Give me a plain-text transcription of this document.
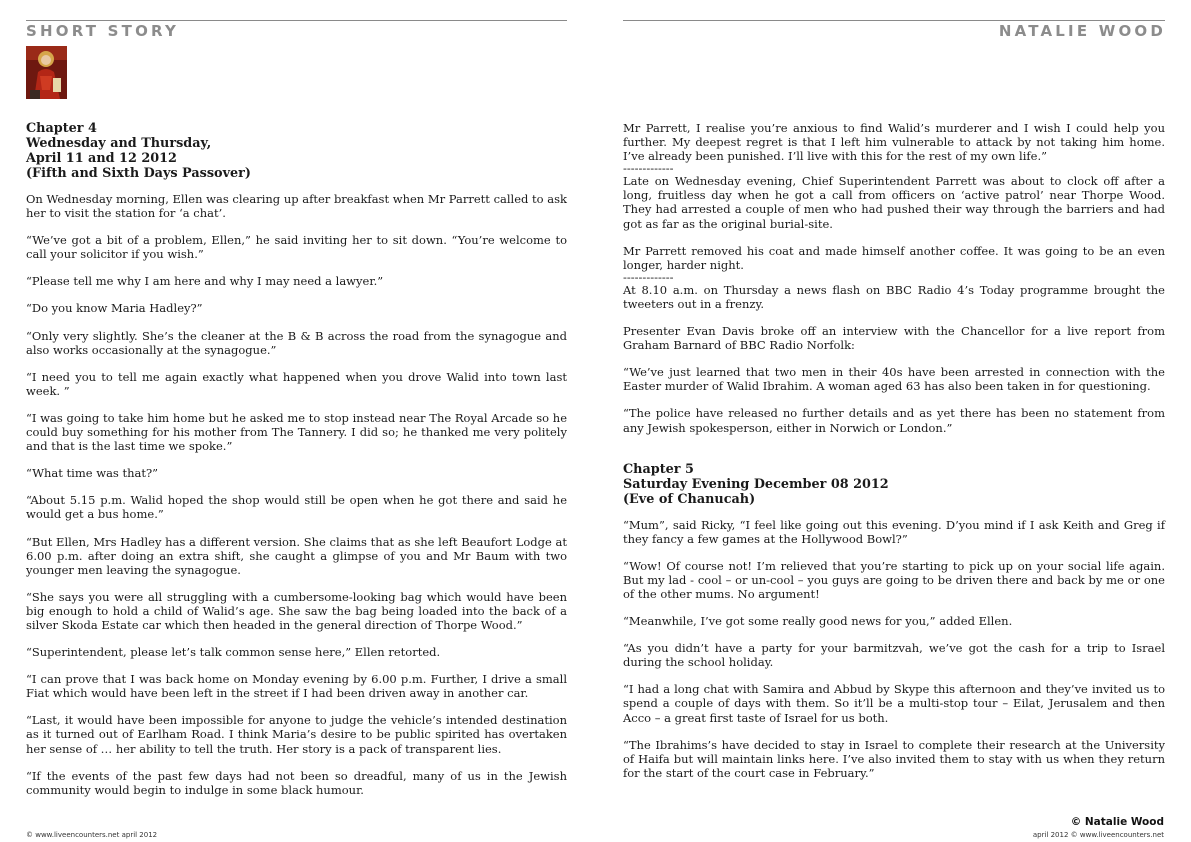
SHORT STORY	NATALIE WOOD
Chapter 4
Wednesday and Thursday,
April 11 and 12 2012
(Fifth and Sixth Days Passover)

On Wednesday morning, Ellen was clearing up after breakfast when Mr Parrett called to ask her to visit the station for ‘a chat’.

“We’ve got a bit of a problem, Ellen,” he said inviting her to sit down. “You’re welcome to call your solicitor if you wish.”

“Please tell me why I am here and why I may need a lawyer.”

“Do you know Maria Hadley?”

“Only very slightly. She’s the cleaner at the B & B across the road from the synagogue and also works occasionally at the synagogue.”

“I need you to tell me again exactly what happened when you drove Walid into town last week. ”

“I was going to take him home but he asked me to stop instead near The Royal Arcade so he could buy something for his mother from The Tannery. I did so; he thanked me very politely and that is the last time we spoke.”

“What time was that?”

“About 5.15 p.m. Walid hoped the shop would still be open when he got there and said he would get a bus home.”

“But Ellen, Mrs Hadley has a different version. She claims that as she left Beaufort Lodge at 6.00 p.m. after doing an extra shift, she caught a glimpse of you and Mr Baum with two younger men leaving the synagogue.

“She says you were all struggling with a cumbersome-looking bag which would have been big enough to hold a child of Walid’s age. She saw the bag being loaded into the back of a silver Skoda Estate car which then headed in the general direction of Thorpe Wood.”

“Superintendent, please let’s talk common sense here,” Ellen retorted.

“I can prove that I was back home on Monday evening by 6.00 p.m. Further, I drive a small Fiat which would have been left in the street if I had been driven away in another car.

“Last, it would have been impossible for anyone to judge the vehicle’s intended destination as it turned out of Earlham Road. I think Maria’s desire to be public spirited has overtaken her sense of … her ability to tell the truth. Her story is a pack of transparent lies.

“If the events of the past few days had not been so dreadful, many of us in the Jewish community would begin to indulge in some black humour.

Mr Parrett, I realise you’re anxious to find Walid’s murderer and I wish I could help you further. My deepest regret is that I left him vulnerable to attack by not taking him home. I’ve already been punished. I’ll live with this for the rest of my own life.”

-------------

Late on Wednesday evening, Chief Superintendent Parrett was about to clock off after a long, fruitless day when he got a call from officers on ‘active patrol’ near Thorpe Wood. They had arrested a couple of men who had pushed their way through the barriers and had got as far as the original burial-site.

Mr Parrett removed his coat and made himself another coffee. It was going to be an even longer, harder night.

-------------

At 8.10 a.m. on Thursday a news flash on BBC Radio 4’s Today programme brought the tweeters out in a frenzy.

Presenter Evan Davis broke off an interview with the Chancellor for a live report from Graham Barnard of BBC Radio Norfolk:

“We’ve just learned that two men in their 40s have been arrested in connection with the Easter murder of Walid Ibrahim. A woman aged 63 has also been taken in for questioning.

“The police have released no further details and as yet there has been no statement from any Jewish spokesperson, either in Norwich or London.”

Chapter 5
Saturday Evening December 08 2012
(Eve of Chanucah)

“Mum”, said Ricky, “I feel like going out this evening. D’you mind if I ask Keith and Greg if they fancy a few games at the Hollywood Bowl?”

“Wow! Of course not! I’m relieved that you’re starting to pick up on your social life again. But my lad - cool – or un-cool – you guys are going to be driven there and back by me or one of the other mums. No argument!

“Meanwhile, I’ve got some really good news for you,” added Ellen.

“As you didn’t have a party for your barmitzvah, we’ve got the cash for a trip to Israel during the school holiday.

“I had a long chat with Samira and Abbud by Skype this afternoon and they’ve invited us to spend a couple of days with them. So it’ll be a multi-stop tour – Eilat, Jerusalem and then Acco – a great first taste of Israel for us both.

“The Ibrahims’s have decided to stay in Israel to complete their research at the University of Haifa but will maintain links here. I’ve also invited them to stay with us when they return for the start of the court case in February.”

© Natalie Wood
© www.liveencounters.net april 2012	april 2012 © www.liveencounters.net
